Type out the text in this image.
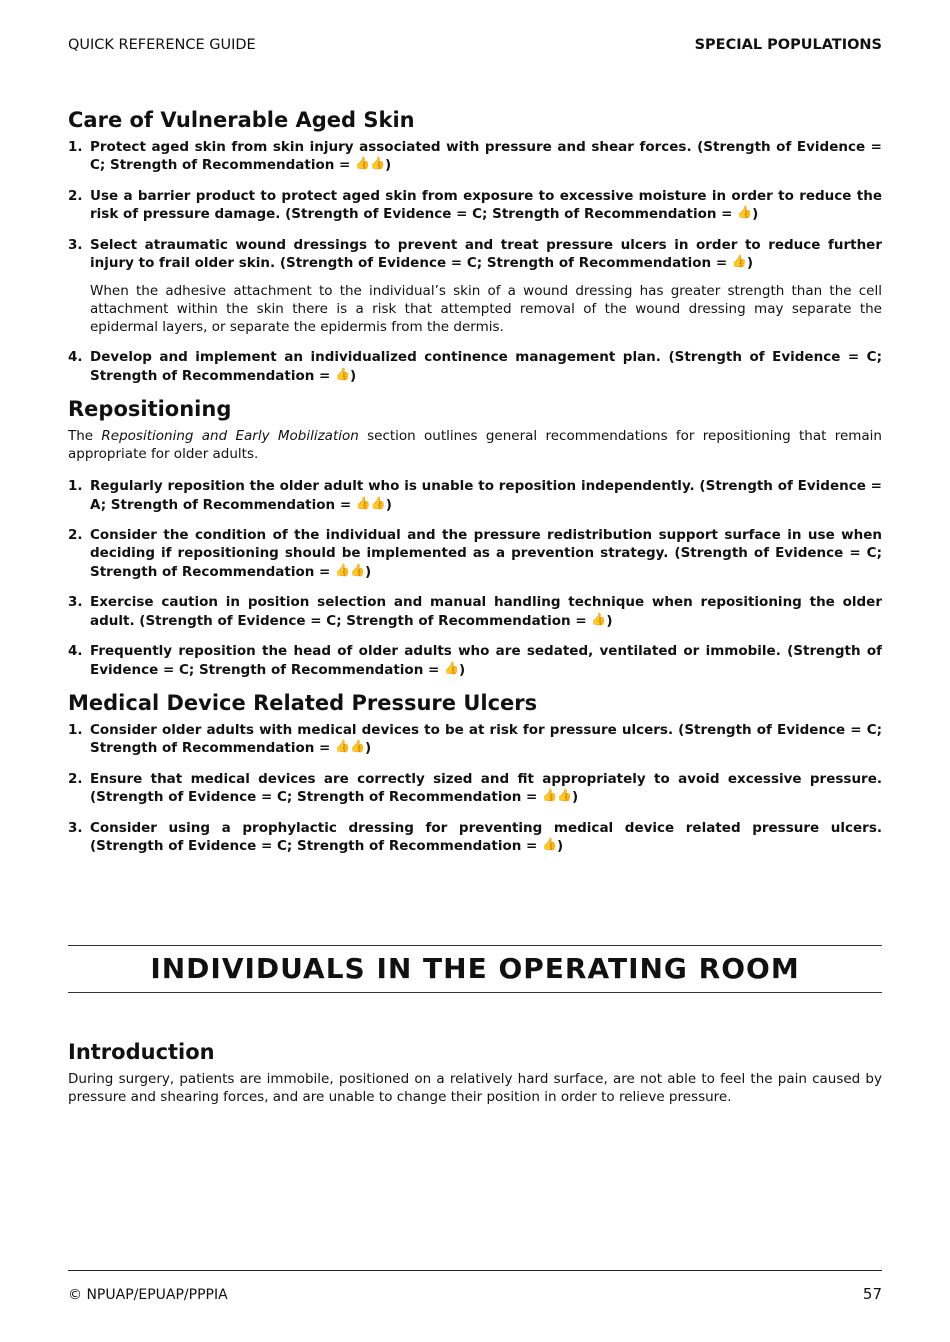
QUICK REFERENCE GUIDE	SPECIAL POPULATIONS
Care of Vulnerable Aged Skin
1. Protect aged skin from skin injury associated with pressure and shear forces. (Strength of Evidence = C; Strength of Recommendation = 👍👍)
2. Use a barrier product to protect aged skin from exposure to excessive moisture in order to reduce the risk of pressure damage. (Strength of Evidence = C; Strength of Recommendation = 👍)
3. Select atraumatic wound dressings to prevent and treat pressure ulcers in order to reduce further injury to frail older skin. (Strength of Evidence = C; Strength of Recommendation = 👍)

When the adhesive attachment to the individual’s skin of a wound dressing has greater strength than the cell attachment within the skin there is a risk that attempted removal of the wound dressing may separate the epidermal layers, or separate the epidermis from the dermis.

4. Develop and implement an individualized continence management plan. (Strength of Evidence = C; Strength of Recommendation = 👍)
Repositioning

The Repositioning and Early Mobilization section outlines general recommendations for repositioning that remain appropriate for older adults.

1. Regularly reposition the older adult who is unable to reposition independently. (Strength of Evidence = A; Strength of Recommendation = 👍👍)
2. Consider the condition of the individual and the pressure redistribution support surface in use when deciding if repositioning should be implemented as a prevention strategy. (Strength of Evidence = C; Strength of Recommendation = 👍👍)
3. Exercise caution in position selection and manual handling technique when repositioning the older adult. (Strength of Evidence = C; Strength of Recommendation = 👍)
4. Frequently reposition the head of older adults who are sedated, ventilated or immobile. (Strength of Evidence = C; Strength of Recommendation = 👍)
Medical Device Related Pressure Ulcers
1. Consider older adults with medical devices to be at risk for pressure ulcers. (Strength of Evidence = C; Strength of Recommendation = 👍👍)
2. Ensure that medical devices are correctly sized and fit appropriately to avoid excessive pressure. (Strength of Evidence = C; Strength of Recommendation = 👍👍)
3. Consider using a prophylactic dressing for preventing medical device related pressure ulcers. (Strength of Evidence = C; Strength of Recommendation = 👍)
INDIVIDUALS IN THE OPERATING ROOM
Introduction

During surgery, patients are immobile, positioned on a relatively hard surface, are not able to feel the pain caused by pressure and shearing forces, and are unable to change their position in order to relieve pressure.

© NPUAP/EPUAP/PPPIA	57
